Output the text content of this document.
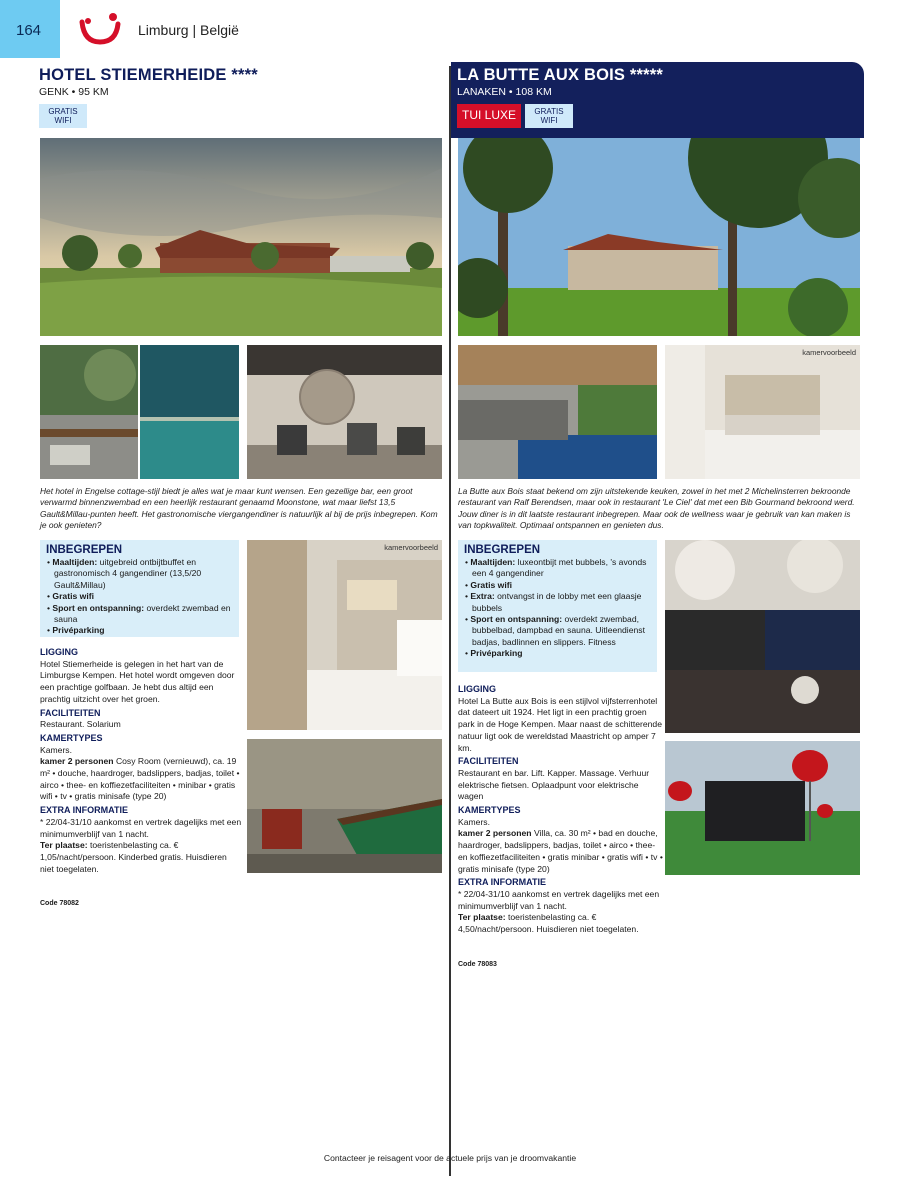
164	Limburg | België
HOTEL STIEMERHEIDE ****
GENK • 95 KM
GRATIS WIFI
Het hotel in Engelse cottage-stijl biedt je alles wat je maar kunt wensen. Een gezellige bar, een groot verwarmd binnenzwembad en een heerlijk restaurant genaamd Moonstone, wat maar liefst 13,5 Gault&Millau-punten heeft. Het gastronomische viergangendiner is natuurlijk al bij de prijs inbegrepen. Kom je ook genieten?
INBEGREPEN
• Maaltijden: uitgebreid ontbijtbuffet en gastronomisch 4 gangendiner (13,5/20 Gault&Millau)
• Gratis wifi
• Sport en ontspanning: overdekt zwembad en sauna
• Privéparking
kamervoorbeeld
LIGGING

Hotel Stiemerheide is gelegen in het hart van de Limburgse Kempen. Het hotel wordt omgeven door een prachtige golfbaan. Je hebt dus altijd een prachtig uitzicht over het groen.

FACILITEITEN

Restaurant. Solarium

KAMERTYPES

Kamers.

kamer 2 personen Cosy Room (vernieuwd), ca. 19 m² • douche, haardroger, badslippers, badjas, toilet • airco • thee- en koffiezetfaciliteiten • minibar • gratis wifi • tv • gratis minisafe (type 20)

EXTRA INFORMATIE

* 22/04-31/10 aankomst en vertrek dagelijks met een minimumverblijf van 1 nacht.

Ter plaatse: toeristenbelasting ca. € 1,05/nacht/persoon. Kinderbed gratis. Huisdieren niet toegelaten.

Code 78082
LA BUTTE AUX BOIS *****
LANAKEN • 108 KM
TUI LUXE	GRATIS WIFI
kamervoorbeeld
La Butte aux Bois staat bekend om zijn uitstekende keuken, zowel in het met 2 Michelinsterren bekroonde restaurant van Ralf Berendsen, maar ook in restaurant 'Le Ciel' dat met een Bib Gourmand bekroond werd. Jouw diner is in dit laatste restaurant inbegrepen. Maar ook de wellness waar je gebruik van kan maken is van topkwaliteit. Optimaal ontspannen en genieten dus.
INBEGREPEN
• Maaltijden: luxeontbijt met bubbels, 's avonds een 4 gangendiner
• Gratis wifi
• Extra: ontvangst in de lobby met een glaasje bubbels
• Sport en ontspanning: overdekt zwembad, bubbelbad, dampbad en sauna. Uitleendienst badjas, badlinnen en slippers. Fitness
• Privéparking
LIGGING

Hotel La Butte aux Bois is een stijlvol vijfsterrenhotel dat dateert uit 1924. Het ligt in een prachtig groen park in de Hoge Kempen. Maar naast de schitterende natuur ligt ook de wereldstad Maastricht op amper 7 km.

FACILITEITEN

Restaurant en bar. Lift. Kapper. Massage. Verhuur elektrische fietsen. Oplaadpunt voor elektrische wagen

KAMERTYPES

Kamers.

kamer 2 personen Villa, ca. 30 m² • bad en douche, haardroger, badslippers, badjas, toilet • airco • thee- en koffiezetfaciliteiten • gratis minibar • gratis wifi • tv • gratis minisafe (type 20)

EXTRA INFORMATIE

* 22/04-31/10 aankomst en vertrek dagelijks met een minimumverblijf van 1 nacht.

Ter plaatse: toeristenbelasting ca. € 4,50/nacht/persoon. Huisdieren niet toegelaten.

Code 78083
Contacteer je reisagent voor de actuele prijs van je droomvakantie
